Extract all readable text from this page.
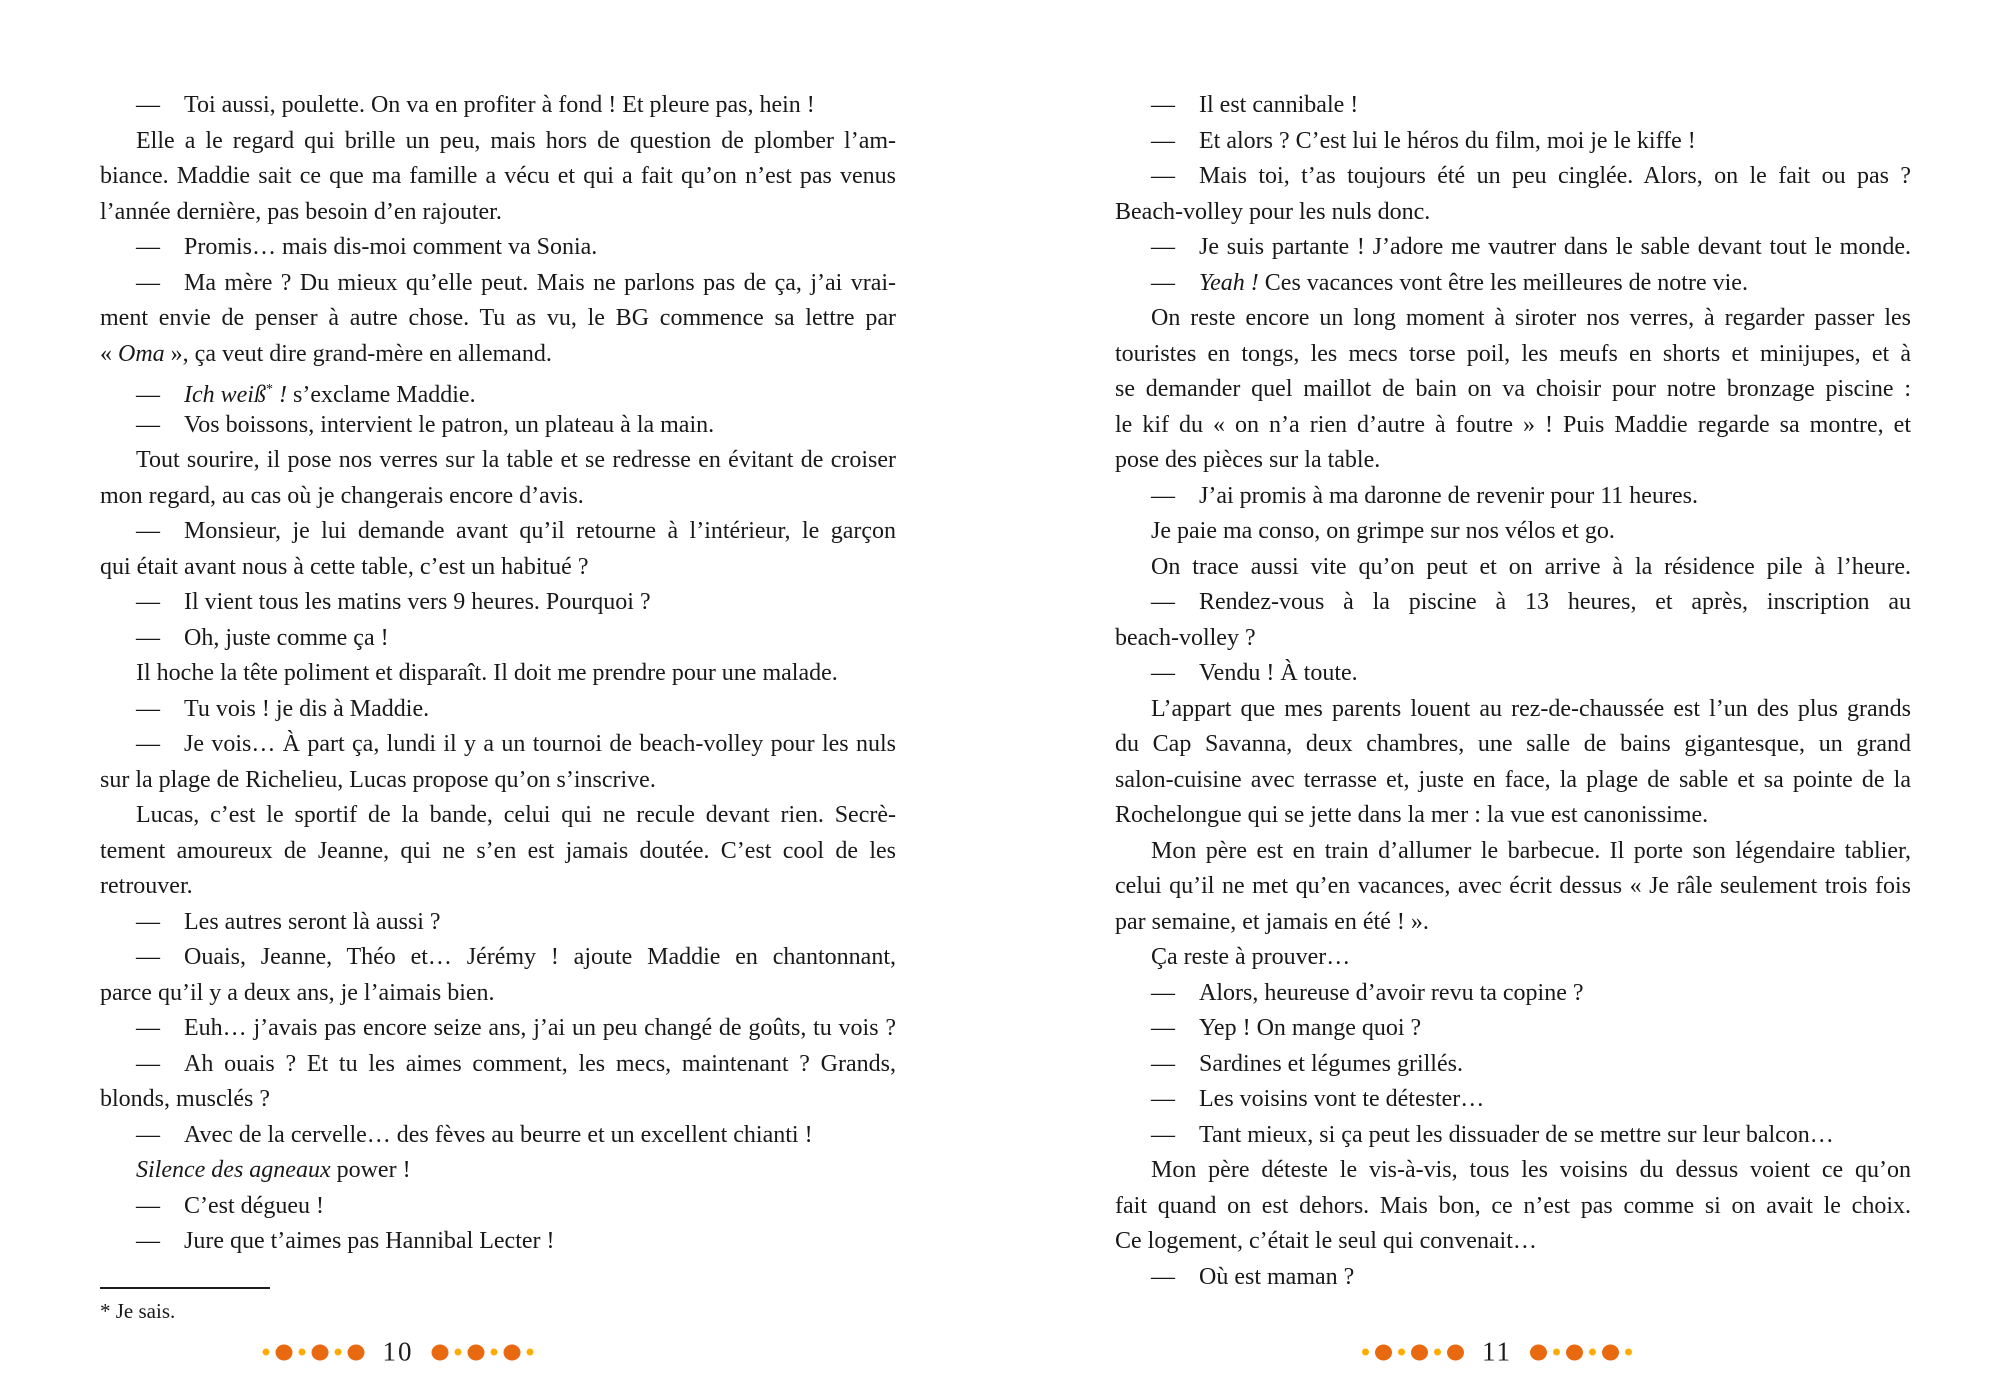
— Toi aussi, poulette. On va en profiter à fond ! Et pleure pas, hein !
Elle a le regard qui brille un peu, mais hors de question de plomber l’am-
biance. Maddie sait ce que ma famille a vécu et qui a fait qu’on n’est pas venus
l’année dernière, pas besoin d’en rajouter.
— Promis… mais dis-moi comment va Sonia.
— Ma mère ? Du mieux qu’elle peut. Mais ne parlons pas de ça, j’ai vrai-
ment envie de penser à autre chose. Tu as vu, le BG commence sa lettre par
« Oma », ça veut dire grand-mère en allemand.
— Ich weiß* ! s’exclame Maddie.
— Vos boissons, intervient le patron, un plateau à la main.
Tout sourire, il pose nos verres sur la table et se redresse en évitant de croiser
mon regard, au cas où je changerais encore d’avis.
— Monsieur, je lui demande avant qu’il retourne à l’intérieur, le garçon
qui était avant nous à cette table, c’est un habitué ?
— Il vient tous les matins vers 9 heures. Pourquoi ?
— Oh, juste comme ça !
Il hoche la tête poliment et disparaît. Il doit me prendre pour une malade.
— Tu vois ! je dis à Maddie.
— Je vois… À part ça, lundi il y a un tournoi de beach-volley pour les nuls
sur la plage de Richelieu, Lucas propose qu’on s’inscrive.
Lucas, c’est le sportif de la bande, celui qui ne recule devant rien. Secrè-
tement amoureux de Jeanne, qui ne s’en est jamais doutée. C’est cool de les
retrouver.
— Les autres seront là aussi ?
— Ouais, Jeanne, Théo et… Jérémy ! ajoute Maddie en chantonnant,
parce qu’il y a deux ans, je l’aimais bien.
— Euh… j’avais pas encore seize ans, j’ai un peu changé de goûts, tu vois ?
— Ah ouais ? Et tu les aimes comment, les mecs, maintenant ? Grands,
blonds, musclés ?
— Avec de la cervelle… des fèves au beurre et un excellent chianti !
Silence des agneaux power !
— C’est dégueu !
— Jure que t’aimes pas Hannibal Lecter !
— Il est cannibale !
— Et alors ? C’est lui le héros du film, moi je le kiffe !
— Mais toi, t’as toujours été un peu cinglée. Alors, on le fait ou pas ?
Beach-volley pour les nuls donc.
— Je suis partante ! J’adore me vautrer dans le sable devant tout le monde.
— Yeah ! Ces vacances vont être les meilleures de notre vie.
On reste encore un long moment à siroter nos verres, à regarder passer les
touristes en tongs, les mecs torse poil, les meufs en shorts et minijupes, et à
se demander quel maillot de bain on va choisir pour notre bronzage piscine :
le kif du « on n’a rien d’autre à foutre » ! Puis Maddie regarde sa montre, et
pose des pièces sur la table.
— J’ai promis à ma daronne de revenir pour 11 heures.
Je paie ma conso, on grimpe sur nos vélos et go.
On trace aussi vite qu’on peut et on arrive à la résidence pile à l’heure.
— Rendez-vous à la piscine à 13 heures, et après, inscription au
beach-volley ?
— Vendu ! À toute.
L’appart que mes parents louent au rez-de-chaussée est l’un des plus grands
du Cap Savanna, deux chambres, une salle de bains gigantesque, un grand
salon-cuisine avec terrasse et, juste en face, la plage de sable et sa pointe de la
Rochelongue qui se jette dans la mer : la vue est canonissime.
Mon père est en train d’allumer le barbecue. Il porte son légendaire tablier,
celui qu’il ne met qu’en vacances, avec écrit dessus « Je râle seulement trois fois
par semaine, et jamais en été ! ».
Ça reste à prouver…
— Alors, heureuse d’avoir revu ta copine ?
— Yep ! On mange quoi ?
— Sardines et légumes grillés.
— Les voisins vont te détester…
— Tant mieux, si ça peut les dissuader de se mettre sur leur balcon…
Mon père déteste le vis-à-vis, tous les voisins du dessus voient ce qu’on
fait quand on est dehors. Mais bon, ce n’est pas comme si on avait le choix.
Ce logement, c’était le seul qui convenait…
— Où est maman ?
* Je sais.
10	11
